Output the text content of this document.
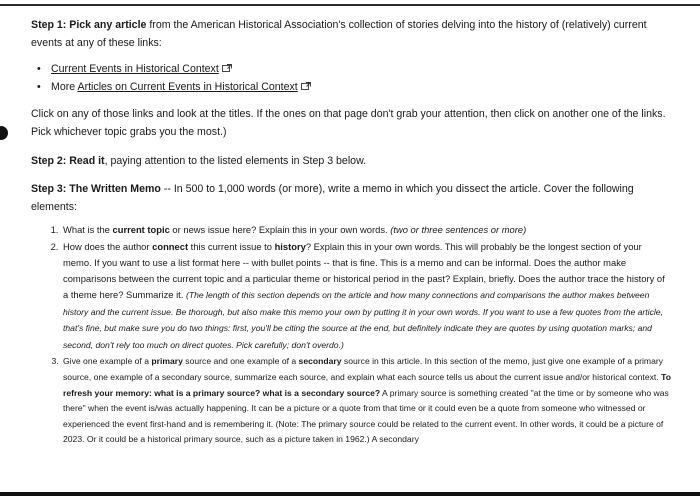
Step 1: Pick any article from the American Historical Association's collection of stories delving into the history of (relatively) current events at any of these links:

• Current Events in Historical Context
• More Articles on Current Events in Historical Context

Click on any of those links and look at the titles. If the ones on that page don't grab your attention, then click on another one of the links. Pick whichever topic grabs you the most.)

Step 2: Read it, paying attention to the listed elements in Step 3 below.

Step 3: The Written Memo -- In 500 to 1,000 words (or more), write a memo in which you dissect the article. Cover the following elements:

1. What is the current topic or news issue here? Explain this in your own words. (two or three sentences or more)
2. How does the author connect this current issue to history? Explain this in your own words. This will probably be the longest section of your memo. If you want to use a list format here -- with bullet points -- that is fine. This is a memo and can be informal. Does the author make comparisons between the current topic and a particular theme or historical period in the past? Explain, briefly. Does the author trace the history of a theme here? Summarize it. (The length of this section depends on the article and how many connections and comparisons the author makes between history and the current issue. Be thorough, but also make this memo your own by putting it in your own words. If you want to use a few quotes from the article, that's fine, but make sure you do two things: first, you'll be citing the source at the end, but definitely indicate they are quotes by using quotation marks; and second, don't rely too much on direct quotes. Pick carefully; don't overdo.)
3. Give one example of a primary source and one example of a secondary source in this article. In this section of the memo, just give one example of a primary source, one example of a secondary source, summarize each source, and explain what each source tells us about the current issue and/or historical context. To refresh your memory: what is a primary source? what is a secondary source? A primary source is something created "at the time or by someone who was there" when the event is/was actually happening. It can be a picture or a quote from that time or it could even be a quote from someone who witnessed or experienced the event first-hand and is remembering it. (Note: The primary source could be related to the current event. In other words, it could be a picture of 2023. Or it could be a historical primary source, such as a picture taken in 1962.) A secondary
